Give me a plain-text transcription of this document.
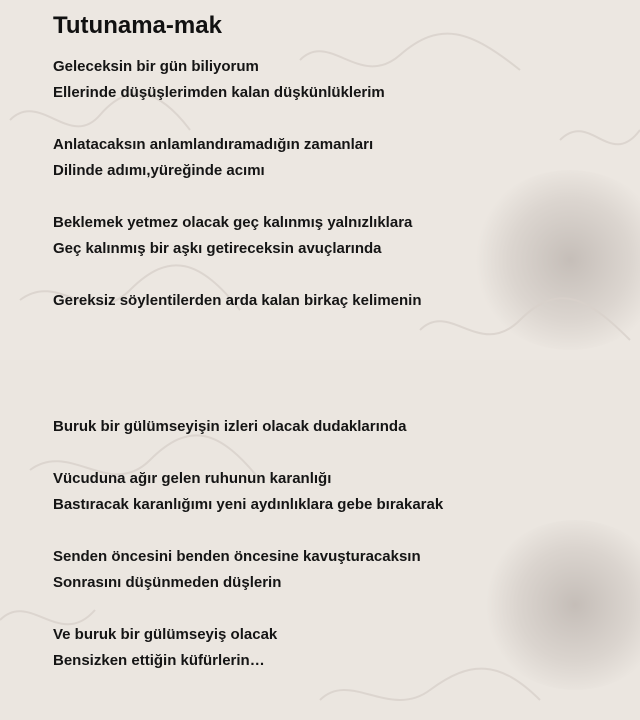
Tutunama-mak
Geleceksin bir gün biliyorum
Ellerinde düşüşlerimden kalan düşkünlüklerim
Anlatacaksın anlamlandıramadığın zamanları
Dilinde adımı,yüreğinde acımı
Beklemek yetmez olacak geç kalınmış yalnızlıklara
Geç kalınmış bir aşkı getireceksin avuçlarında
Gereksiz söylentilerden arda kalan birkaç kelimenin
Buruk bir gülümseyişin izleri olacak dudaklarında
Vücuduna ağır gelen ruhunun karanlığı
Bastıracak karanlığımı yeni aydınlıklara gebe bırakarak
Senden öncesini benden öncesine kavuşturacaksın
Sonrasını düşünmeden düşlerin
Ve buruk bir gülümseyiş olacak
Bensizken ettiğin küfürlerin…
